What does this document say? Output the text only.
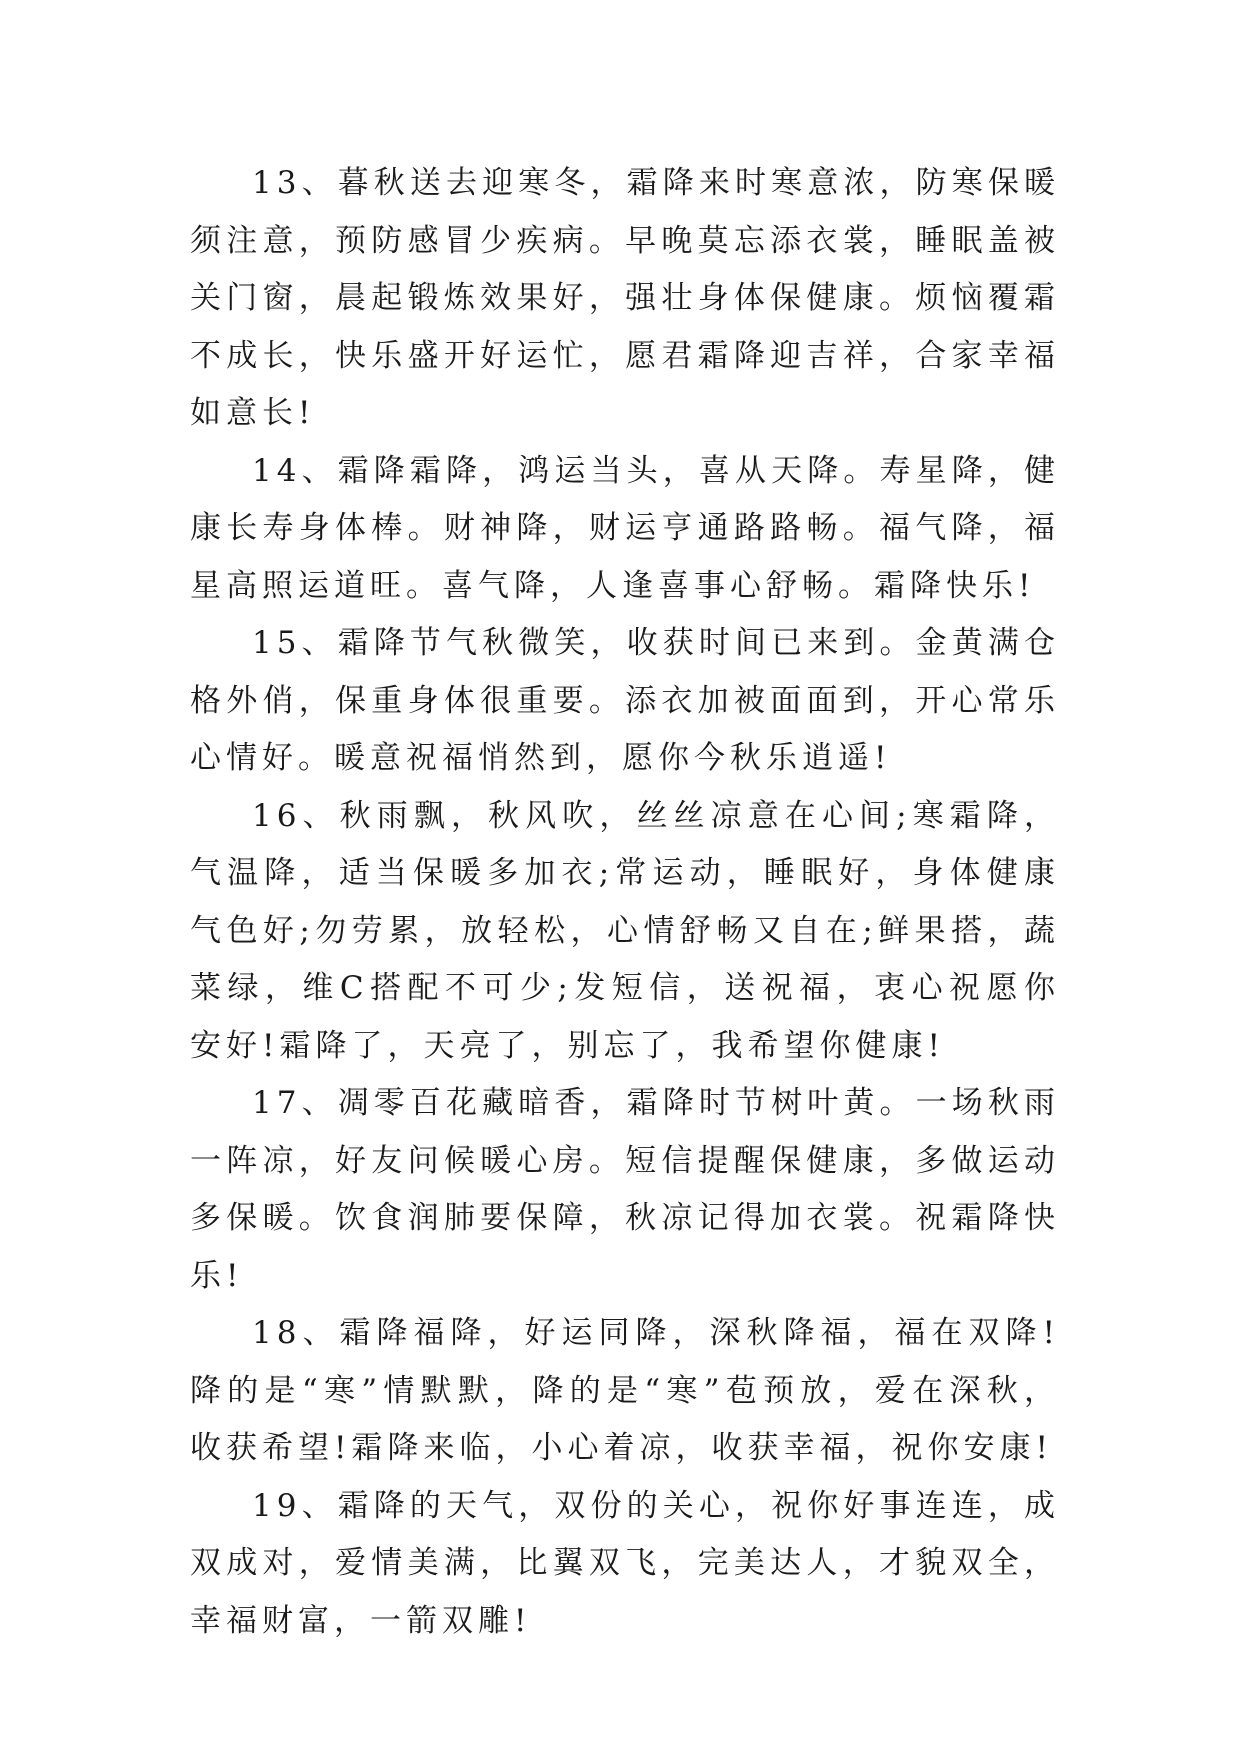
13、暮秋送去迎寒冬，霜降来时寒意浓，防寒保暖须注意，预防感冒少疾病。早晚莫忘添衣裳，睡眠盖被关门窗，晨起锻炼效果好，强壮身体保健康。烦恼覆霜不成长，快乐盛开好运忙，愿君霜降迎吉祥，合家幸福如意长!

14、霜降霜降，鸿运当头，喜从天降。寿星降，健康长寿身体棒。财神降，财运亨通路路畅。福气降，福星高照运道旺。喜气降，人逢喜事心舒畅。霜降快乐!

15、霜降节气秋微笑，收获时间已来到。金黄满仓格外俏，保重身体很重要。添衣加被面面到，开心常乐心情好。暖意祝福悄然到，愿你今秋乐逍遥!

16、秋雨飘，秋风吹，丝丝凉意在心间;寒霜降，气温降，适当保暖多加衣;常运动，睡眠好，身体健康气色好;勿劳累，放轻松，心情舒畅又自在;鲜果搭，蔬菜绿，维C搭配不可少;发短信，送祝福，衷心祝愿你安好!霜降了，天亮了，别忘了，我希望你健康!

17、凋零百花藏暗香，霜降时节树叶黄。一场秋雨一阵凉，好友问候暖心房。短信提醒保健康，多做运动多保暖。饮食润肺要保障，秋凉记得加衣裳。祝霜降快乐!

18、霜降福降，好运同降，深秋降福，福在双降!降的是“寒”情默默，降的是“寒”苞预放，爱在深秋，收获希望!霜降来临，小心着凉，收获幸福，祝你安康!

19、霜降的天气，双份的关心，祝你好事连连，成双成对，爱情美满，比翼双飞，完美达人，才貌双全，幸福财富，一箭双雕!
